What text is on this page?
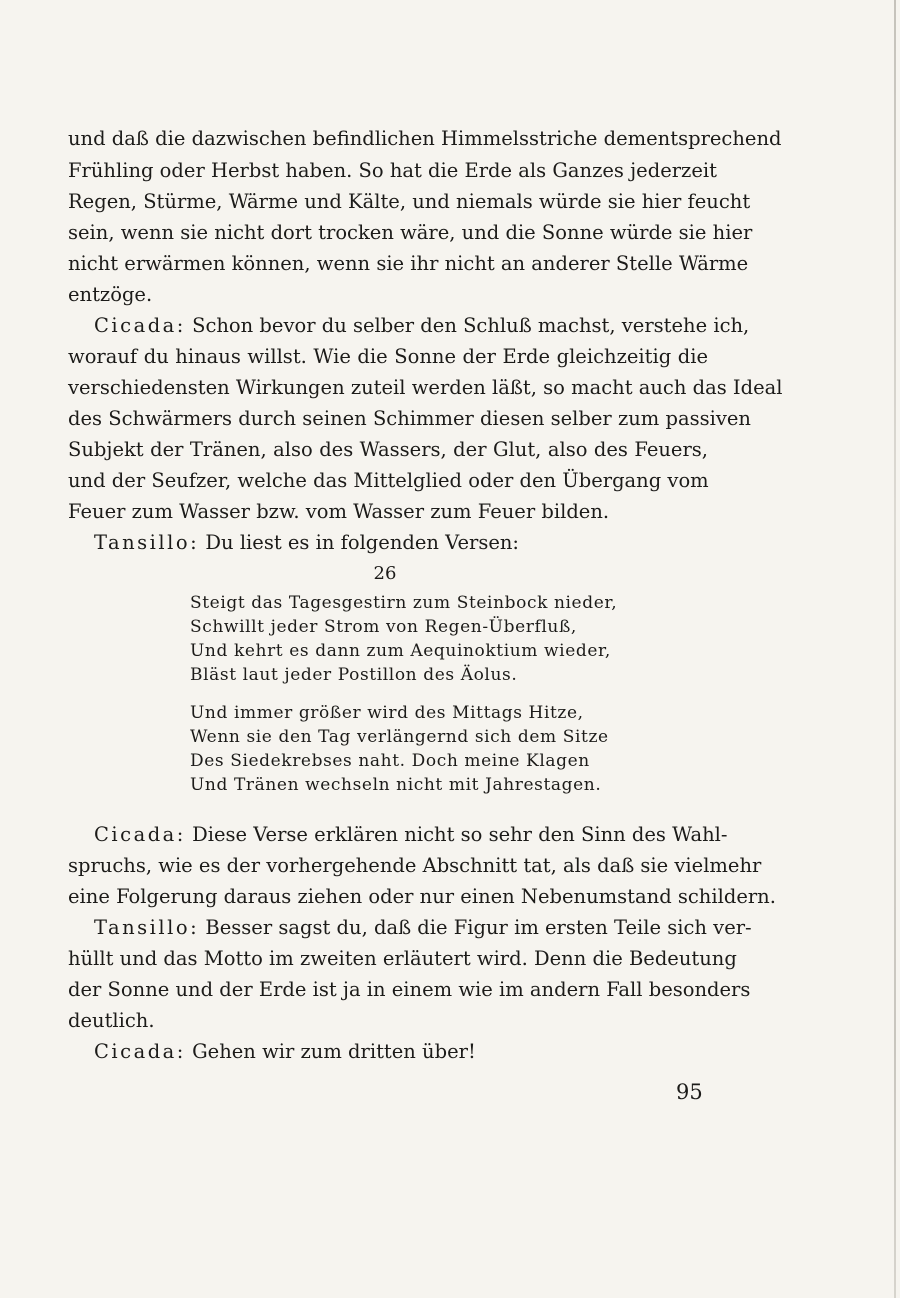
und daß die dazwischen befindlichen Himmelsstriche dementsprechend
Frühling oder Herbst haben. So hat die Erde als Ganzes jederzeit
Regen, Stürme, Wärme und Kälte, und niemals würde sie hier feucht
sein, wenn sie nicht dort trocken wäre, und die Sonne würde sie hier
nicht erwärmen können, wenn sie ihr nicht an anderer Stelle Wärme
entzöge.
Cicada: Schon bevor du selber den Schluß machst, verstehe ich,
worauf du hinaus willst. Wie die Sonne der Erde gleichzeitig die
verschiedensten Wirkungen zuteil werden läßt, so macht auch das Ideal
des Schwärmers durch seinen Schimmer diesen selber zum passiven
Subjekt der Tränen, also des Wassers, der Glut, also des Feuers,
und der Seufzer, welche das Mittelglied oder den Übergang vom
Feuer zum Wasser bzw. vom Wasser zum Feuer bilden.
Tansillo: Du liest es in folgenden Versen:
26
Steigt das Tagesgestirn zum Steinbock nieder,
Schwillt jeder Strom von Regen-Überfluß,
Und kehrt es dann zum Aequinoktium wieder,
Bläst laut jeder Postillon des Äolus.
Und immer größer wird des Mittags Hitze,
Wenn sie den Tag verlängernd sich dem Sitze
Des Siedekrebses naht. Doch meine Klagen
Und Tränen wechseln nicht mit Jahrestagen.
Cicada: Diese Verse erklären nicht so sehr den Sinn des Wahl-
spruchs, wie es der vorhergehende Abschnitt tat, als daß sie vielmehr
eine Folgerung daraus ziehen oder nur einen Nebenumstand schildern.
Tansillo: Besser sagst du, daß die Figur im ersten Teile sich ver-
hüllt und das Motto im zweiten erläutert wird. Denn die Bedeutung
der Sonne und der Erde ist ja in einem wie im andern Fall besonders
deutlich.
Cicada: Gehen wir zum dritten über!
95
